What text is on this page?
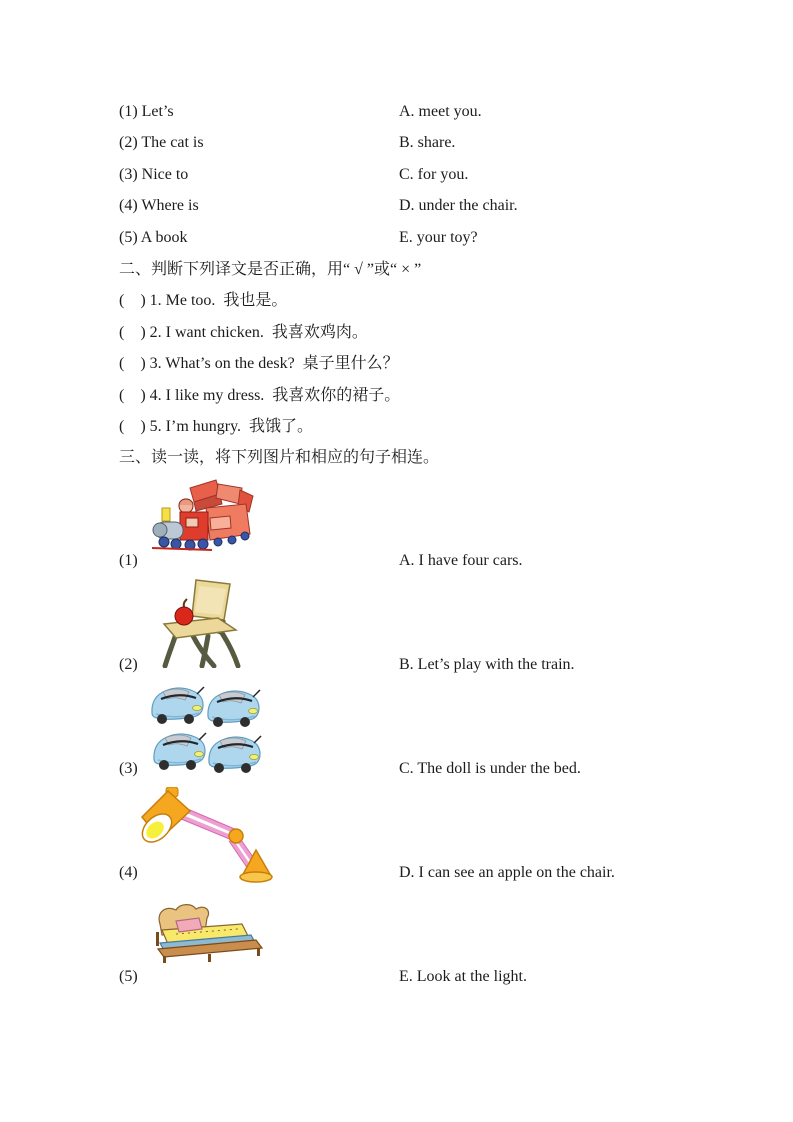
(1) Let’s	A. meet you.
(2) The cat is	B. share.
(3) Nice to	C. for you.
(4) Where is	D. under the chair.
(5) A book	E. your toy?
二、判断下列译文是否正确，用“ √ ”或“ × ”
(　) 1. Me too.  我也是。
(　) 2. I want chicken.  我喜欢鸡肉。
(　) 3. What’s on the desk?  桌子里什么？
(　) 4. I like my dress.  我喜欢你的裙子。
(　) 5. I’m hungry.  我饿了。
三、读一读，将下列图片和相应的句子相连。
(1)	A. I have four cars.
(2)	B. Let’s play with the train.
(3)	C. The doll is under the bed.
(4)	D. I can see an apple on the chair.
(5)	E. Look at the light.
